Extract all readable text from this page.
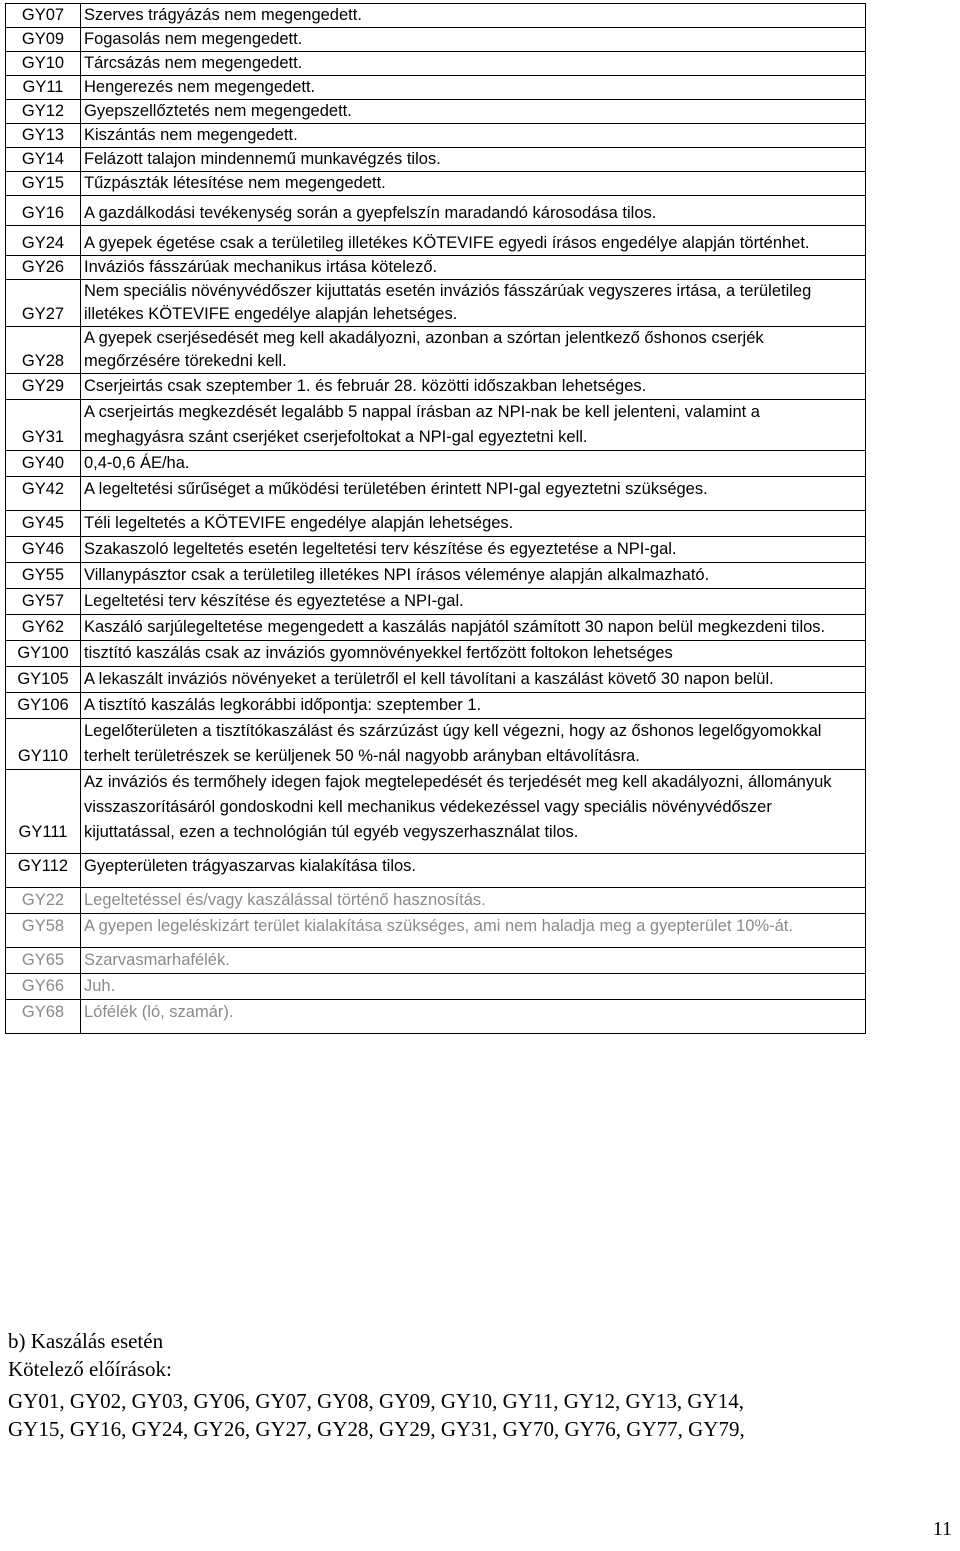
GY07	Szerves trágyázás nem megengedett.
GY09	Fogasolás nem megengedett.
GY10	Tárcsázás nem megengedett.
GY11	Hengerezés nem megengedett.
GY12	Gyepszellőztetés nem megengedett.
GY13	Kiszántás nem megengedett.
GY14	Felázott talajon mindennemű munkavégzés tilos.
GY15	Tűzpászták létesítése nem megengedett.
GY16	A gazdálkodási tevékenység során a gyepfelszín maradandó károsodása tilos.
GY24	A gyepek égetése csak a területileg illetékes KÖTEVIFE egyedi írásos engedélye alapján történhet.
GY26	Inváziós fásszárúak mechanikus irtása kötelező.
GY27	Nem speciális növényvédőszer kijuttatás esetén inváziós fásszárúak vegyszeres irtása, a területileg illetékes KÖTEVIFE engedélye alapján lehetséges.
GY28	A gyepek cserjésedését meg kell akadályozni, azonban a szórtan jelentkező őshonos cserjék megőrzésére törekedni kell.
GY29	Cserjeirtás csak szeptember 1. és február 28. közötti időszakban lehetséges.
GY31	A cserjeirtás megkezdését legalább 5 nappal írásban az NPI-nak be kell jelenteni, valamint a meghagyásra szánt cserjéket cserjefoltokat a NPI-gal egyeztetni kell.
GY40	0,4-0,6 ÁE/ha.
GY42	A legeltetési sűrűséget a működési területében érintett NPI-gal egyeztetni szükséges.
GY45	Téli legeltetés a KÖTEVIFE engedélye alapján lehetséges.
GY46	Szakaszoló legeltetés esetén legeltetési terv készítése és egyeztetése a NPI-gal.
GY55	Villanypásztor csak a területileg illetékes NPI írásos véleménye alapján alkalmazható.
GY57	Legeltetési terv készítése és egyeztetése a NPI-gal.
GY62	Kaszáló sarjúlegeltetése megengedett a kaszálás napjától számított 30 napon belül megkezdeni tilos.
GY100	tisztító kaszálás csak az inváziós gyomnövényekkel fertőzött foltokon lehetséges
GY105	A lekaszált inváziós növényeket a területről el kell távolítani a kaszálást követő 30 napon belül.
GY106	A tisztító kaszálás legkorábbi időpontja: szeptember 1.
GY110	Legelőterületen a tisztítókaszálást és szárzúzást úgy kell végezni, hogy az őshonos legelőgyomokkal terhelt területrészek se kerüljenek 50 %-nál nagyobb arányban eltávolításra.
GY111	Az inváziós és termőhely idegen fajok megtelepedését és terjedését meg kell akadályozni, állományuk visszaszorításáról gondoskodni kell mechanikus védekezéssel vagy speciális növényvédőszer kijuttatással, ezen a technológián túl egyéb vegyszerhasználat tilos.
GY112	Gyepterületen trágyaszarvas kialakítása tilos.
GY22	Legeltetéssel és/vagy kaszálással történő hasznosítás.
GY58	A gyepen legeléskizárt terület kialakítása szükséges, ami nem haladja meg a gyepterület 10%-át.
GY65	Szarvasmarhafélék.
GY66	Juh.
GY68	Lófélék (ló, szamár).
b) Kaszálás esetén
Kötelező előírások:
GY01, GY02, GY03, GY06, GY07, GY08, GY09, GY10, GY11, GY12, GY13, GY14,
GY15, GY16, GY24, GY26, GY27, GY28, GY29, GY31, GY70, GY76, GY77, GY79,
11
